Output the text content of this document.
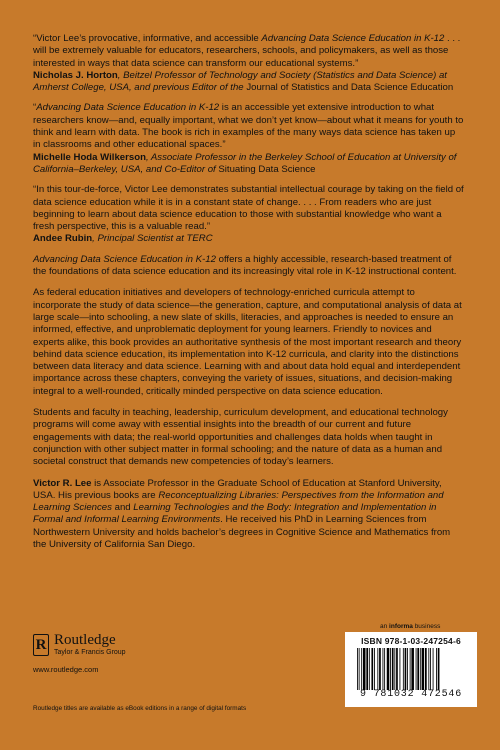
“Victor Lee’s provocative, informative, and accessible Advancing Data Science Education in K-12 . . . will be extremely valuable for educators, researchers, schools, and policymakers, as well as those interested in ways that data science can transform our educational systems.”

Nicholas J. Horton, Beitzel Professor of Technology and Society (Statistics and Data Science) at Amherst College, USA, and previous Editor of the Journal of Statistics and Data Science Education

“Advancing Data Science Education in K-12 is an accessible yet extensive introduction to what researchers know—and, equally important, what we don’t yet know—about what it means for youth to think and learn with data. The book is rich in examples of the many ways data science has taken up in classrooms and other educational spaces.”

Michelle Hoda Wilkerson, Associate Professor in the Berkeley School of Education at University of California–Berkeley, USA, and Co-Editor of Situating Data Science

“In this tour-de-force, Victor Lee demonstrates substantial intellectual courage by taking on the field of data science education while it is in a constant state of change. . . . From readers who are just beginning to learn about data science education to those with substantial knowledge who want a fresh perspective, this is a valuable read.”

Andee Rubin, Principal Scientist at TERC

Advancing Data Science Education in K-12 offers a highly accessible, research-based treatment of the foundations of data science education and its increasingly vital role in K-12 instructional content.

As federal education initiatives and developers of technology-enriched curricula attempt to incorporate the study of data science—the generation, capture, and computational analysis of data at large scale—into schooling, a new slate of skills, literacies, and approaches is needed to ensure an informed, effective, and unproblematic deployment for young learners. Friendly to novices and experts alike, this book provides an authoritative synthesis of the most important research and theory behind data science education, its implementation into K-12 curricula, and clarity into the distinctions between data literacy and data science. Learning with and about data hold equal and interdependent importance across these chapters, conveying the variety of issues, situations, and decision-making integral to a well-rounded, critically minded perspective on data science education.

Students and faculty in teaching, leadership, curriculum development, and educational technology programs will come away with essential insights into the breadth of our current and future engagements with data; the real-world opportunities and challenges data holds when taught in conjunction with other subject matter in formal schooling; and the nature of data as a human and societal construct that demands new competencies of today’s learners.

Victor R. Lee is Associate Professor in the Graduate School of Education at Stanford University, USA. His previous books are Reconceptualizing Libraries: Perspectives from the Information and Learning Sciences and Learning Technologies and the Body: Integration and Implementation in Formal and Informal Learning Environments. He received his PhD in Learning Sciences from Northwestern University and holds bachelor’s degrees in Cognitive Science and Mathematics from the University of California San Diego.

R Routledge
Taylor & Francis Group
www.routledge.com
an informa business
ISBN 978-1-03-247254-6
9 781032 472546
Routledge titles are available as eBook editions in a range of digital formats
